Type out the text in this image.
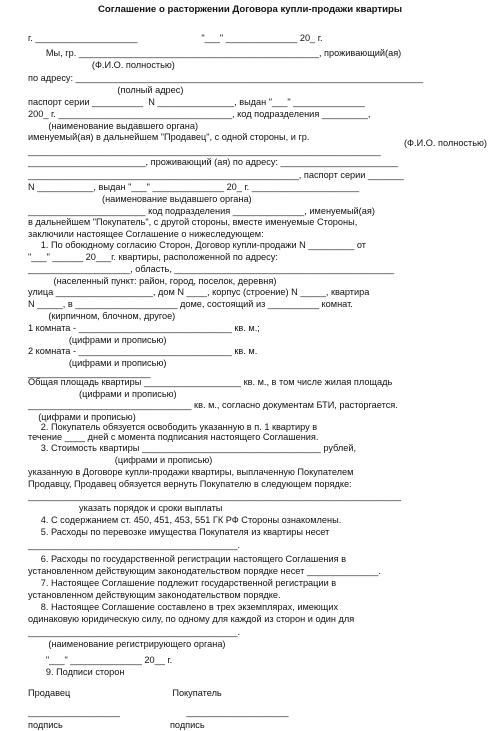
Соглашение о расторжении Договора купли-продажи квартиры
г. ____________________                         "___" ______________ 20_ г.
Мы, гр. _______________________________________________, проживающий(ая)
(Ф.И.О. полностью)
по адресу: ____________________________________________________________________
(полный адрес)
паспорт серии __________  N _______________, выдан "___" ______________
200_ г. __________________________________, код подразделения _________,
(наименование выдавшего органа)
именуемый(ая) в дальнейшем "Продавец", с одной стороны, и гр.
_____________________________________________________________________
_______________________, проживающий (ая) по адресу: _______________________
_____________________________________________________, паспорт серии _______
N ___________, выдан "___" ______________ 20_ г. _____________________
(наименование выдавшего органа)
_______________________ код подразделения ______________, именуемый(ая)
в дальнейшем "Покупатель", с другой стороны, вместе именуемые Стороны,
заключили настоящее Соглашение о нижеследующем:
1. По обоюдному согласию Сторон, Договор купли-продажи N _________ от
"___" ______ 20___г. квартиры, расположенной по адресу:
____________________, область, ___________________________________________
(населенный пункт: район, город, поселок, деревня)
улица ___________________, дом N ____, корпус (строение) N _____, квартира
N _____, в ____________________ доме, состоящий из __________ комнат.
(кирпичном, блочном, другое)
1 комната - ______________________________ кв. м.;
(цифрами и прописью)
2 комната - ______________________________ кв. м.
(цифрами и прописью)
________________________
Общая площадь квартиры ___________________ кв. м., в том числе жилая площадь
(цифрами и прописью)
________________________________ кв. м., согласно документам БТИ, расторгается.
(цифрами и прописью)
2. Покупатель обязуется освободить указанную в п. 1 квартиру в
течение ____ дней с момента подписания настоящего Соглашения.
3. Стоимость квартиры ___________________________________ рублей,
(цифрами и прописью)
указанную в Договоре купли-продажи квартиры, выплаченную Покупателем
Продавцу, Продавец обязуется вернуть Покупателю в следующем порядке:
_________________________________________________________________________
указать порядок и сроки выплаты
4. С содержанием ст. 450, 451, 453, 551 ГК РФ Стороны ознакомлены.
5. Расходы по перевозке имущества Покупателя из квартиры несет
_________________________________________.
6. Расходы по государственной регистрации настоящего Соглашения в
установленном действующим законодательством порядке несет ______________.
7. Настоящее Соглашение подлежит государственной регистрации в
установленном действующим законодательством порядке.
8. Настоящее Соглашение составлено в трех экземплярах, имеющих
одинаковую юридическую силу, по одному для каждой из сторон и один для
_________________________________________.
(наименование регистрирующего органа)
"___" ______________ 20__ г.
9. Подписи сторон
Продавец                                        Покупатель
__________________                          ____________________
подпись                                          подпись
(Ф.И.О. полностью)
